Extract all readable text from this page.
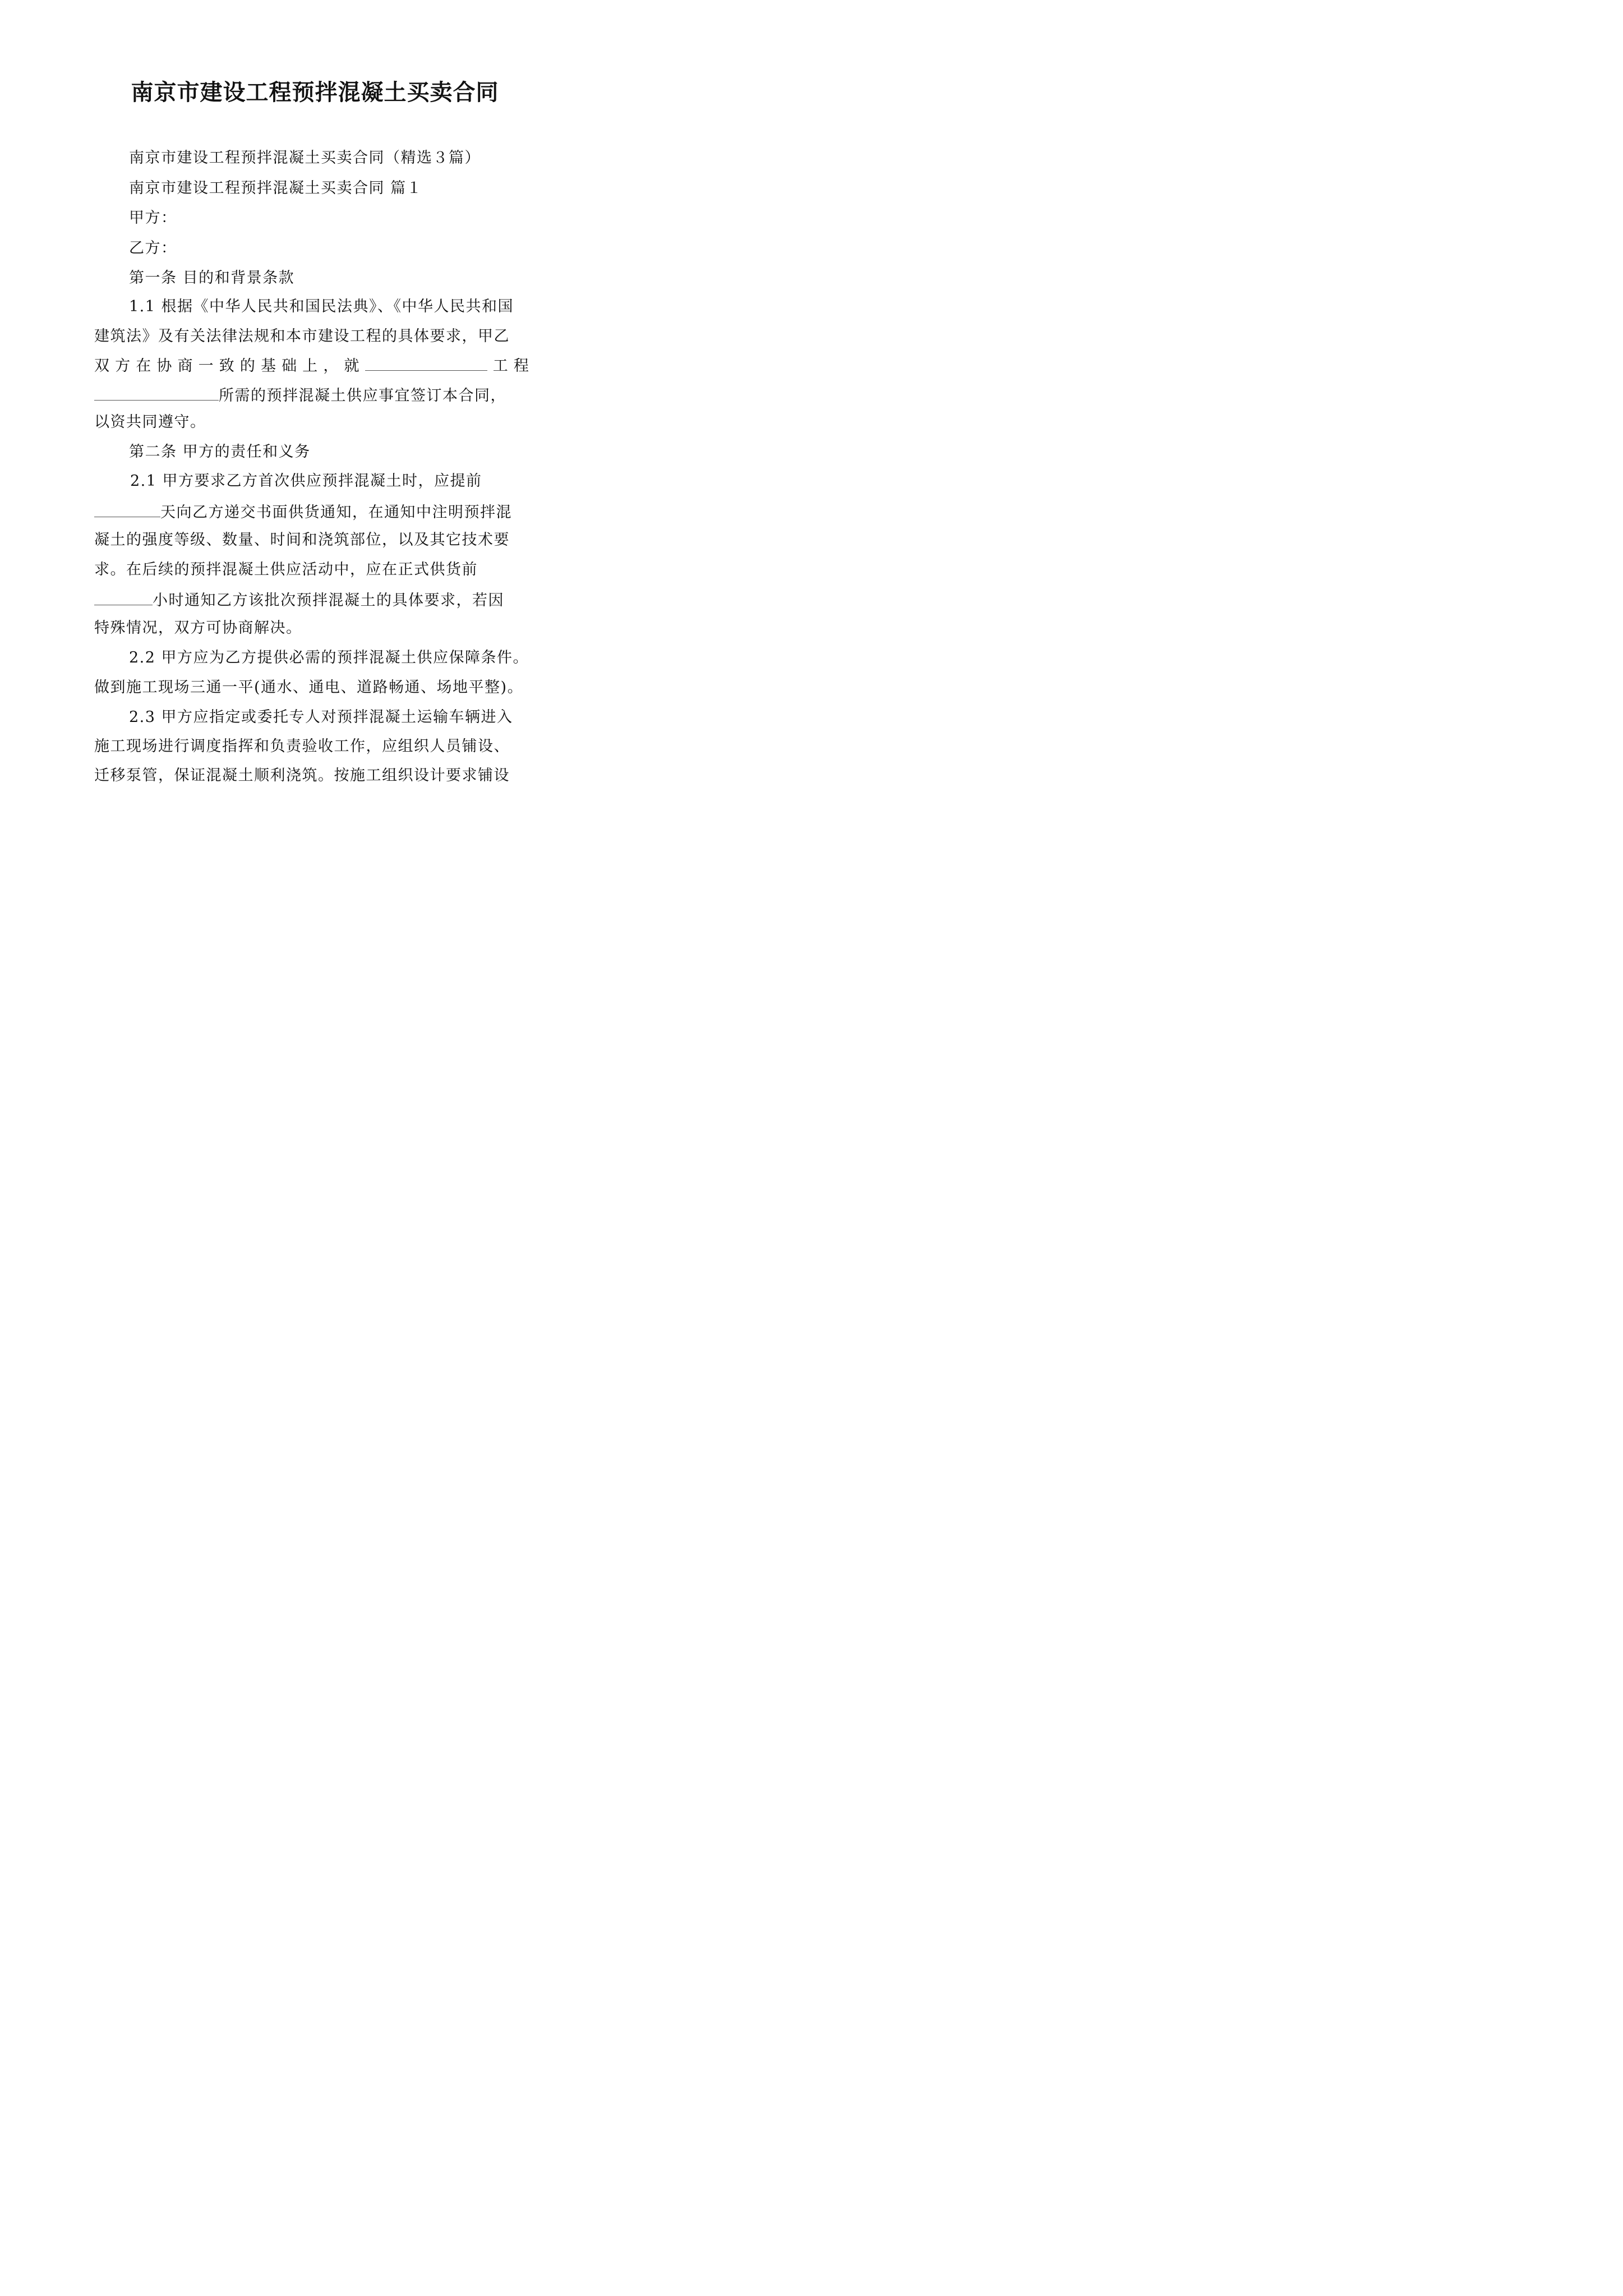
南京市建设工程预拌混凝土买卖合同
南京市建设工程预拌混凝土买卖合同（精选３篇）
南京市建设工程预拌混凝土买卖合同 篇１
甲方：
乙方：
第一条 目的和背景条款
1.1 根据《中华人民共和国民法典》、《中华人民共和国
建筑法》及有关法律法规和本市建设工程的具体要求，甲乙
双 方 在 协 商 一 致 的 基 础 上 ， 就	工 程
所需的预拌混凝土供应事宜签订本合同，
以资共同遵守。
第二条 甲方的责任和义务
2.1 甲方要求乙方首次供应预拌混凝土时，应提前
天向乙方递交书面供货通知，在通知中注明预拌混
凝土的强度等级、数量、时间和浇筑部位，以及其它技术要
求。在后续的预拌混凝土供应活动中，应在正式供货前
小时通知乙方该批次预拌混凝土的具体要求，若因
特殊情况，双方可协商解决。
2.2 甲方应为乙方提供必需的预拌混凝土供应保障条件。
做到施工现场三通一平(通水、通电、道路畅通、场地平整)。
2.3 甲方应指定或委托专人对预拌混凝土运输车辆进入
施工现场进行调度指挥和负责验收工作，应组织人员铺设、
迁移泵管，保证混凝土顺利浇筑。按施工组织设计要求铺设
